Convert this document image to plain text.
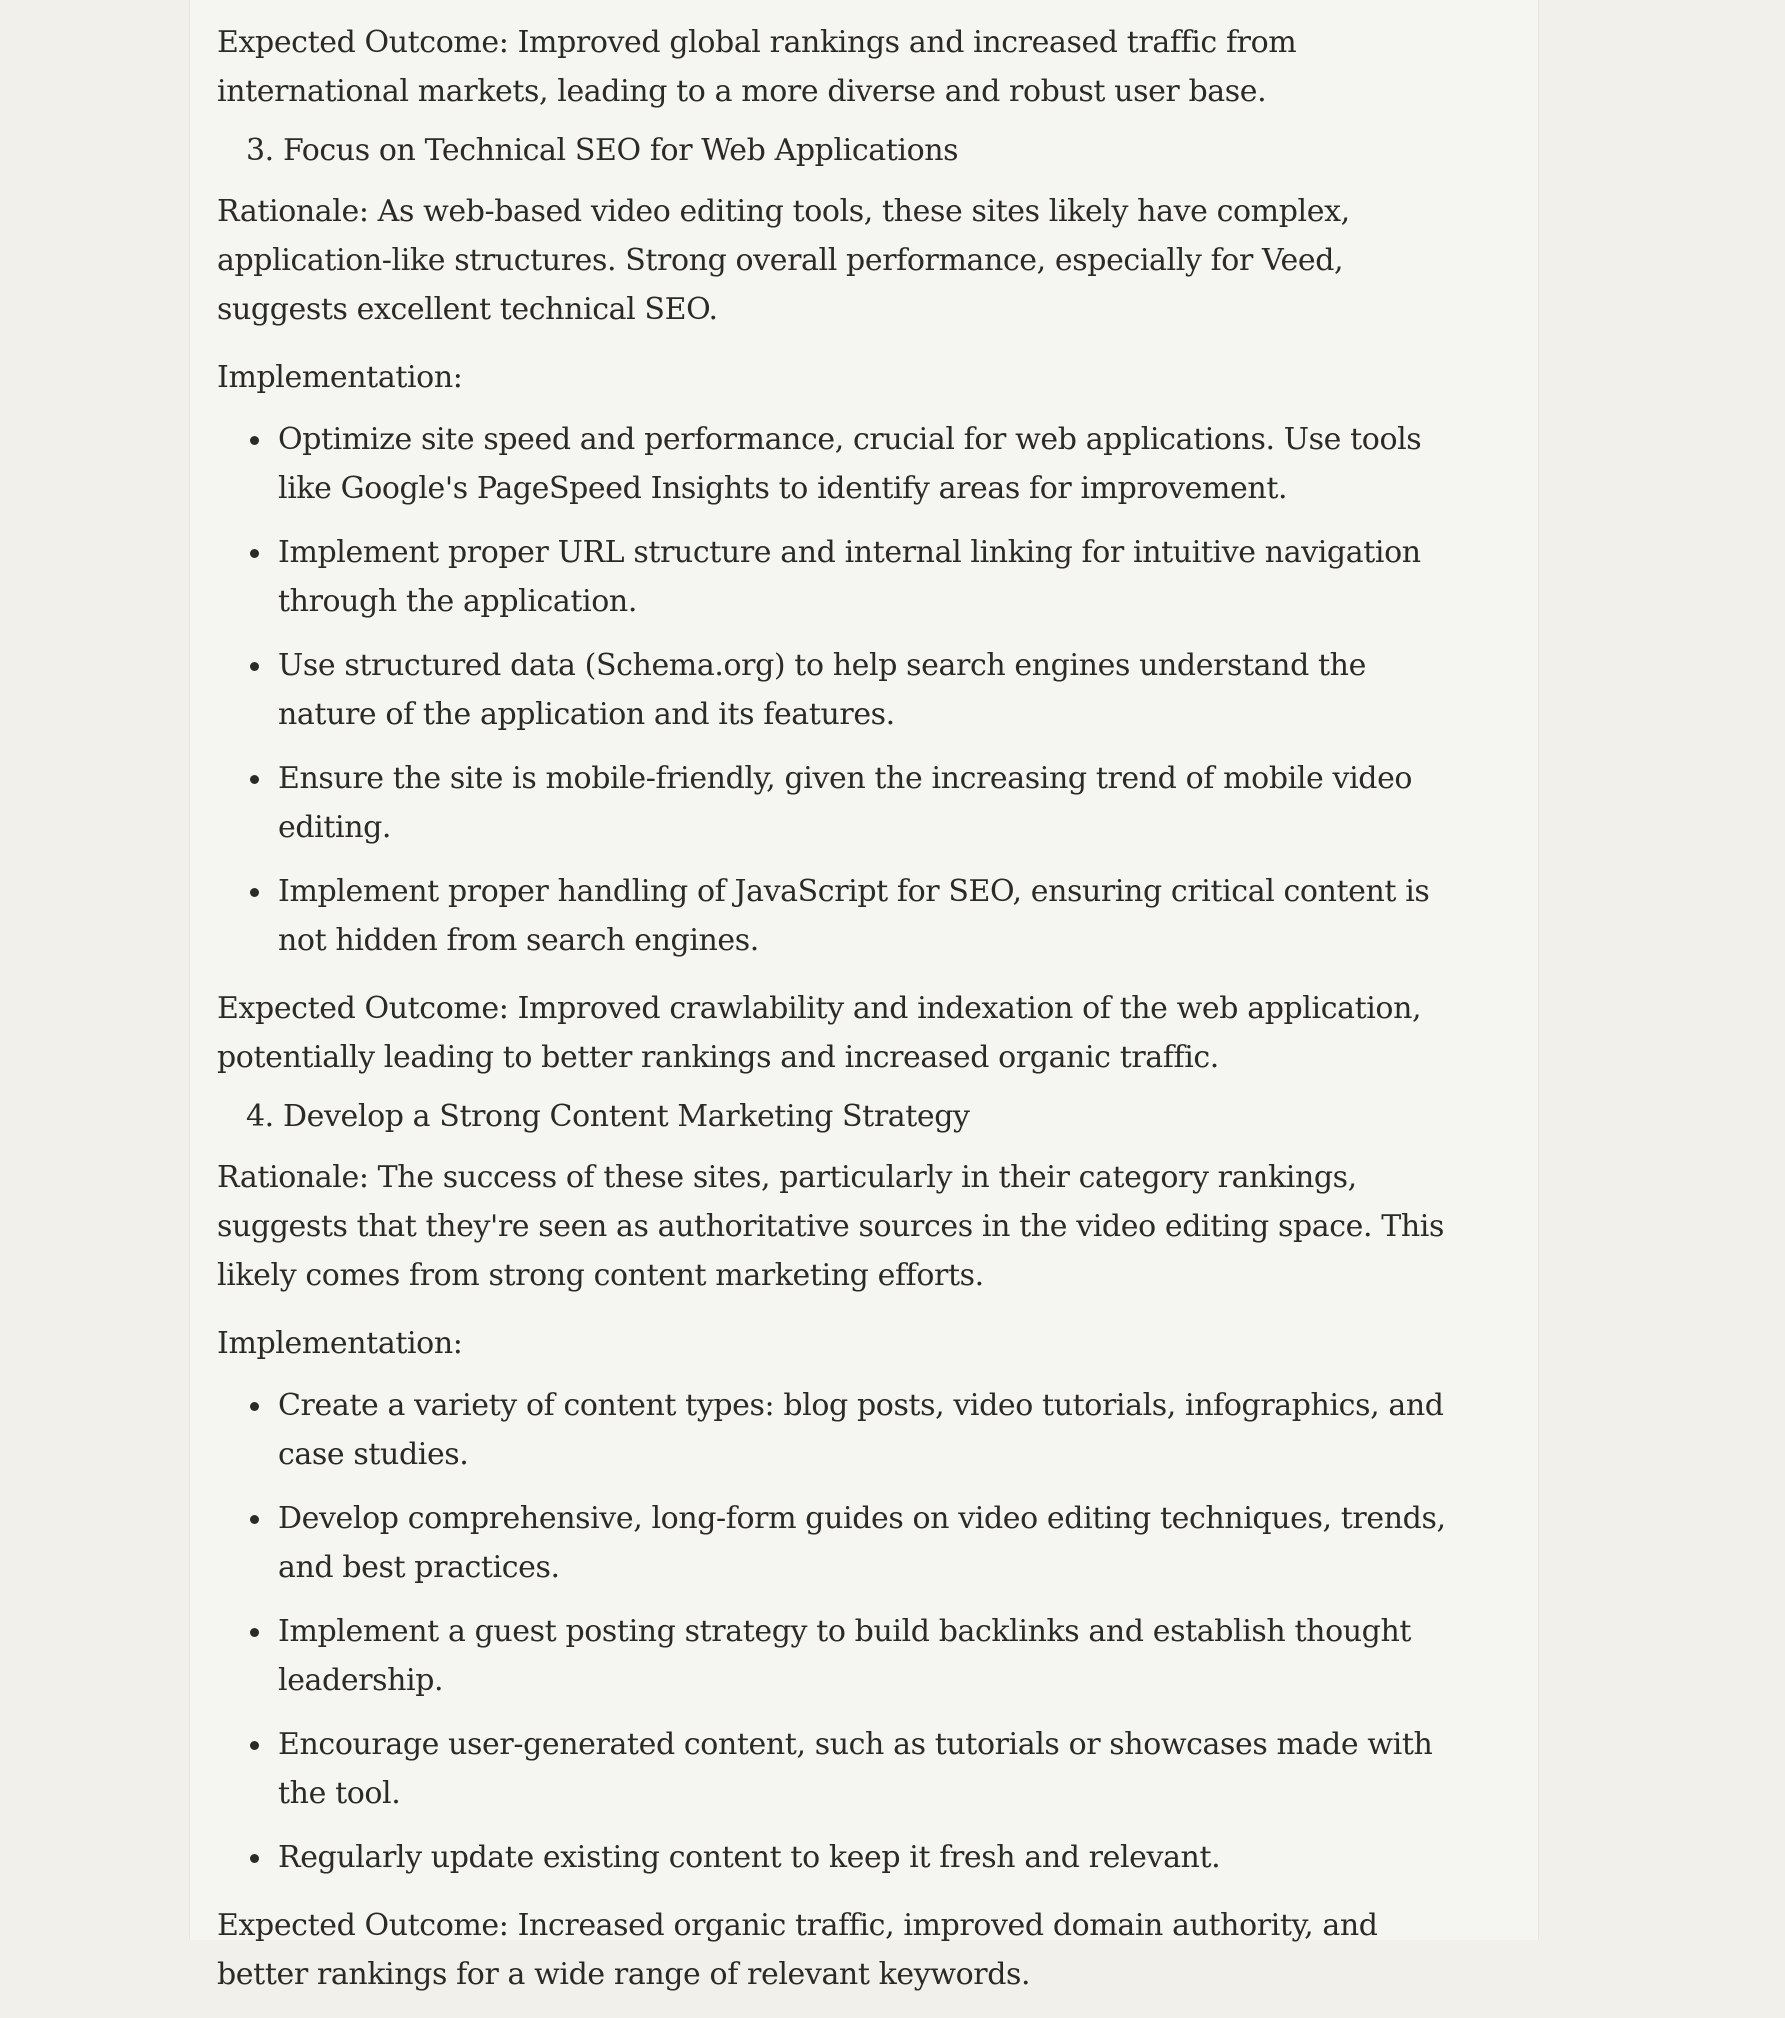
Expected Outcome: Improved global rankings and increased traffic from international markets, leading to a more diverse and robust user base.

3. Focus on Technical SEO for Web Applications

Rationale: As web-based video editing tools, these sites likely have complex, application-like structures. Strong overall performance, especially for Veed, suggests excellent technical SEO.

Implementation:

Optimize site speed and performance, crucial for web applications. Use tools like Google's PageSpeed Insights to identify areas for improvement.
Implement proper URL structure and internal linking for intuitive navigation through the application.
Use structured data (Schema.org) to help search engines understand the nature of the application and its features.
Ensure the site is mobile-friendly, given the increasing trend of mobile video editing.
Implement proper handling of JavaScript for SEO, ensuring critical content is not hidden from search engines.

Expected Outcome: Improved crawlability and indexation of the web application, potentially leading to better rankings and increased organic traffic.

4. Develop a Strong Content Marketing Strategy

Rationale: The success of these sites, particularly in their category rankings, suggests that they're seen as authoritative sources in the video editing space. This likely comes from strong content marketing efforts.

Implementation:

Create a variety of content types: blog posts, video tutorials, infographics, and case studies.
Develop comprehensive, long-form guides on video editing techniques, trends, and best practices.
Implement a guest posting strategy to build backlinks and establish thought leadership.
Encourage user-generated content, such as tutorials or showcases made with the tool.
Regularly update existing content to keep it fresh and relevant.

Expected Outcome: Increased organic traffic, improved domain authority, and better rankings for a wide range of relevant keywords.
